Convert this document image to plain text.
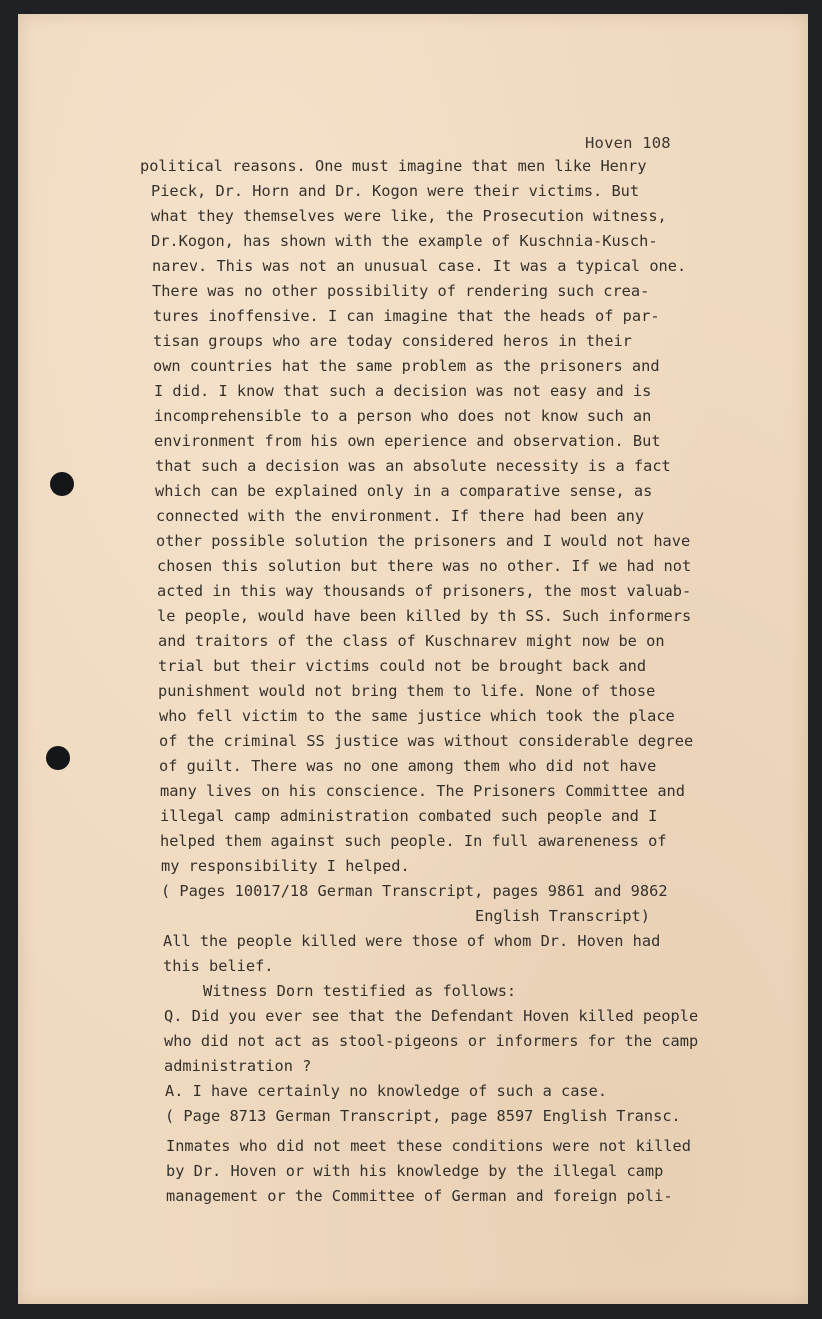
Hoven 108
political reasons. One must imagine that men like Henry
Pieck, Dr. Horn and Dr. Kogon were their victims. But
what they themselves were like, the Prosecution witness,
Dr.Kogon, has shown with the example of Kuschnia-Kusch-
narev. This was not an unusual case. It was a typical one.
There was no other possibility of rendering such crea-
tures inoffensive. I can imagine that the heads of par-
tisan groups who are today considered heros in their
own countries hat the same problem as the prisoners and
I did. I know that such a decision was not easy and is
incomprehensible to a person who does not know such an
environment from his own eperience and observation. But
that such a decision was an absolute necessity is a fact
which can be explained only in a comparative sense, as
connected with the environment. If there had been any
other possible solution the prisoners and I would not have
chosen this solution but there was no other. If we had not
acted in this way thousands of prisoners, the most valuab-
le people, would have been killed by th SS. Such informers
and traitors of the class of Kuschnarev might now be on
trial but their victims could not be brought back and
punishment would not bring them to life. None of those
who fell victim to the same justice which took the place
of the criminal SS justice was without considerable degree
of guilt. There was no one among them who did not have
many lives on his conscience. The Prisoners Committee and
illegal camp administration combated such people and I
helped them against such people. In full awareneness of
my responsibility I helped.
( Pages 10017/18 German Transcript, pages 9861 and 9862
English Transcript)
All the people killed were those of whom Dr. Hoven had
this belief.
Witness Dorn testified as follows:
Q. Did you ever see that the Defendant Hoven killed people
who did not act as stool-pigeons or informers for the camp
administration ?
A. I have certainly no knowledge of such a case.
( Page 8713 German Transcript, page 8597 English Transc.
Inmates who did not meet these conditions were not killed
by Dr. Hoven or with his knowledge by the illegal camp
management or the Committee of German and foreign poli-
